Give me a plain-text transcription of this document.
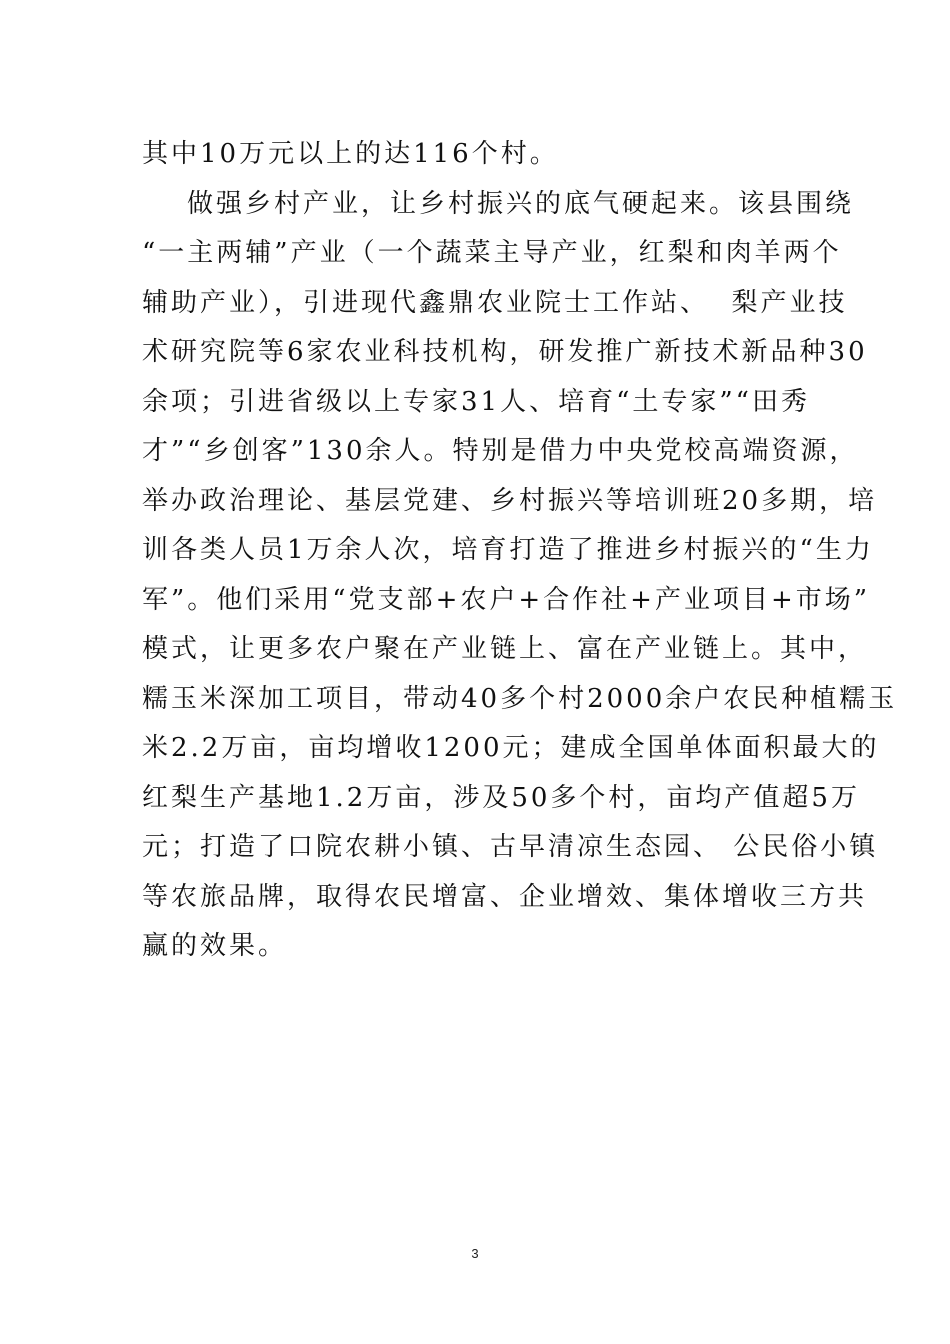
其中10万元以上的达116个村。
做强乡村产业，让乡村振兴的底气硬起来。该县围绕
“一主两辅”产业（一个蔬菜主导产业，红梨和肉羊两个
辅助产业），引进现代鑫鼎农业院士工作站、  梨产业技
术研究院等6家农业科技机构，研发推广新技术新品种30
余项；引进省级以上专家31人、培育“土专家”“田秀
才”“乡创客”130余人。特别是借力中央党校高端资源，
举办政治理论、基层党建、乡村振兴等培训班20多期，培
训各类人员1万余人次，培育打造了推进乡村振兴的“生力
军”。他们采用“党支部+农户+合作社+产业项目+市场”
模式，让更多农户聚在产业链上、富在产业链上。其中，
糯玉米深加工项目，带动40多个村2000余户农民种植糯玉
米2.2万亩，亩均增收1200元；建成全国单体面积最大的
红梨生产基地1.2万亩，涉及50多个村，亩均产值超5万
元；打造了口院农耕小镇、古早清凉生态园、 公民俗小镇
等农旅品牌，取得农民增富、企业增效、集体增收三方共
赢的效果。
3
